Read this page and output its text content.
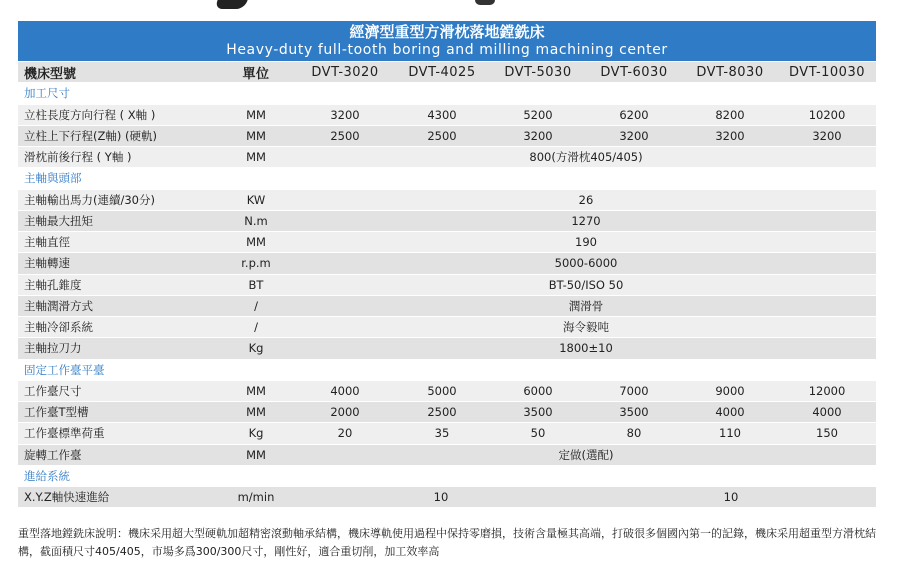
經濟型重型方滑枕落地鏜銑床
Heavy-duty full-tooth boring and milling machining center
機床型號	單位	DVT-3020	DVT-4025	DVT-5030	DVT-6030	DVT-8030	DVT-10030
加工尺寸							
立柱長度方向行程 ( X軸 )	MM	3200	4300	5200	6200	8200	10200
立柱上下行程(Z軸) (硬軌)	MM	2500	2500	3200	3200	3200	3200
滑枕前後行程 ( Y軸 )	MM	800(方滑枕405/405)					
主軸與頭部							
主軸輸出馬力(連續/30分)	KW	26					
主軸最大扭矩	N.m	1270					
主軸直徑	MM	190					
主軸轉速	r.p.m	5000-6000					
主軸孔錐度	BT	BT-50/ISO 50					
主軸潤滑方式	/	潤滑骨					
主軸冷卻系統	/	海令毅吨					
主軸拉刀力	Kg	1800±10					
固定工作臺平臺							
工作臺尺寸	MM	4000	5000	6000	7000	9000	12000
工作臺T型槽	MM	2000	2500	3500	3500	4000	4000
工作臺標準荷重	Kg	20	35	50	80	110	150
旋轉工作臺	MM	定做(選配)					
進給系統							
X.Y.Z軸快速進給	m/min	10			10		
重型落地鏜銑床說明：機床采用超大型硬軌加超精密滾動軸承結構，機床導軌使用過程中保持零磨損，技術含量極其高端，打破很多個國內第一的記錄，機床采用超重型方滑枕結構，截面積尺寸405/405，市場多爲300/300尺寸，剛性好，適合重切削，加工效率高
